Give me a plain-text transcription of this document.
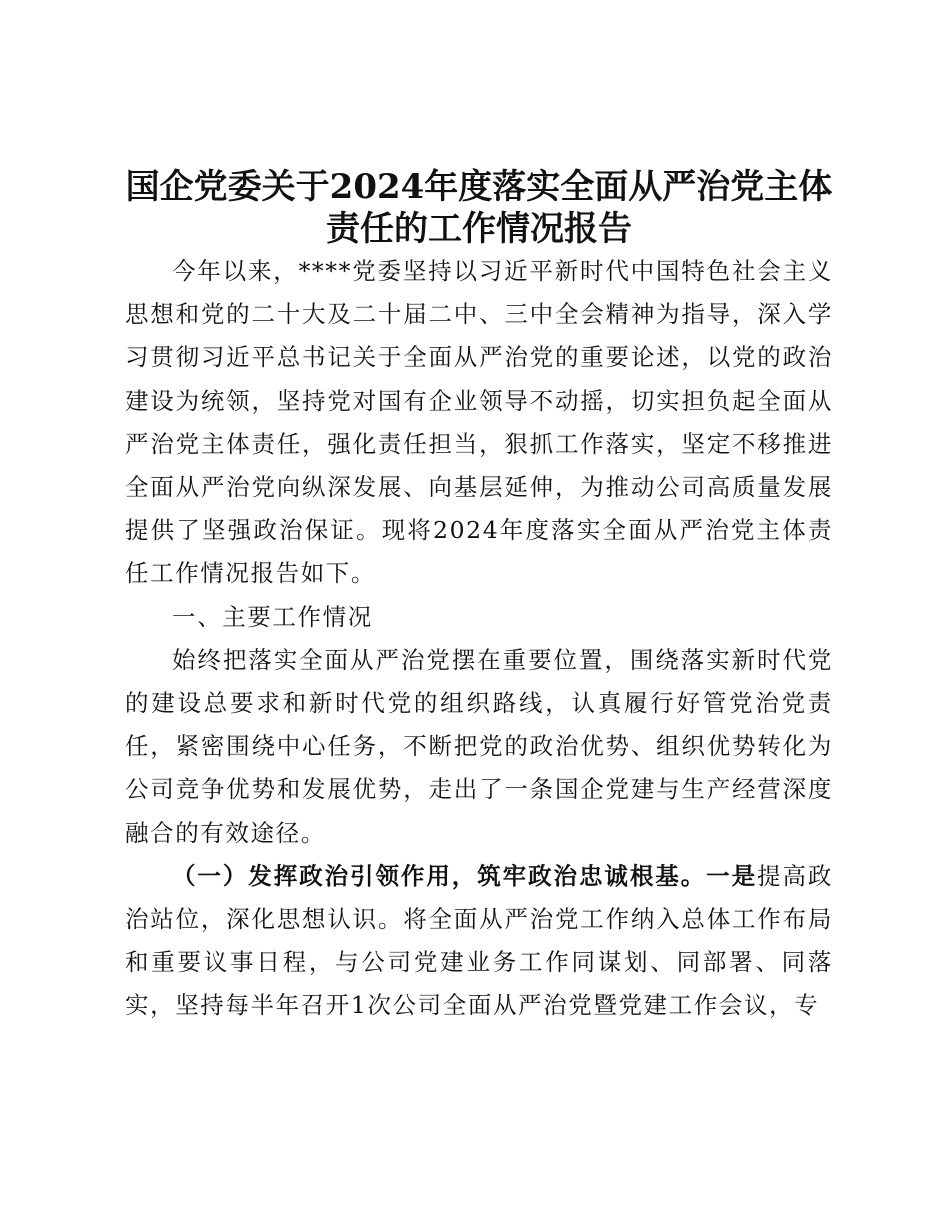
国企党委关于2024年度落实全面从严治党主体
责任的工作情况报告

今年以来，****党委坚持以习近平新时代中国特色社会主义思想和党的二十大及二十届二中、三中全会精神为指导，深入学习贯彻习近平总书记关于全面从严治党的重要论述，以党的政治建设为统领，坚持党对国有企业领导不动摇，切实担负起全面从严治党主体责任，强化责任担当，狠抓工作落实，坚定不移推进全面从严治党向纵深发展、向基层延伸，为推动公司高质量发展提供了坚强政治保证。现将2024年度落实全面从严治党主体责任工作情况报告如下。

一、主要工作情况

始终把落实全面从严治党摆在重要位置，围绕落实新时代党的建设总要求和新时代党的组织路线，认真履行好管党治党责任，紧密围绕中心任务，不断把党的政治优势、组织优势转化为公司竞争优势和发展优势，走出了一条国企党建与生产经营深度融合的有效途径。

（一）发挥政治引领作用，筑牢政治忠诚根基。一是提高政治站位，深化思想认识。将全面从严治党工作纳入总体工作布局和重要议事日程，与公司党建业务工作同谋划、同部署、同落实，坚持每半年召开1次公司全面从严治党暨党建工作会议，专
